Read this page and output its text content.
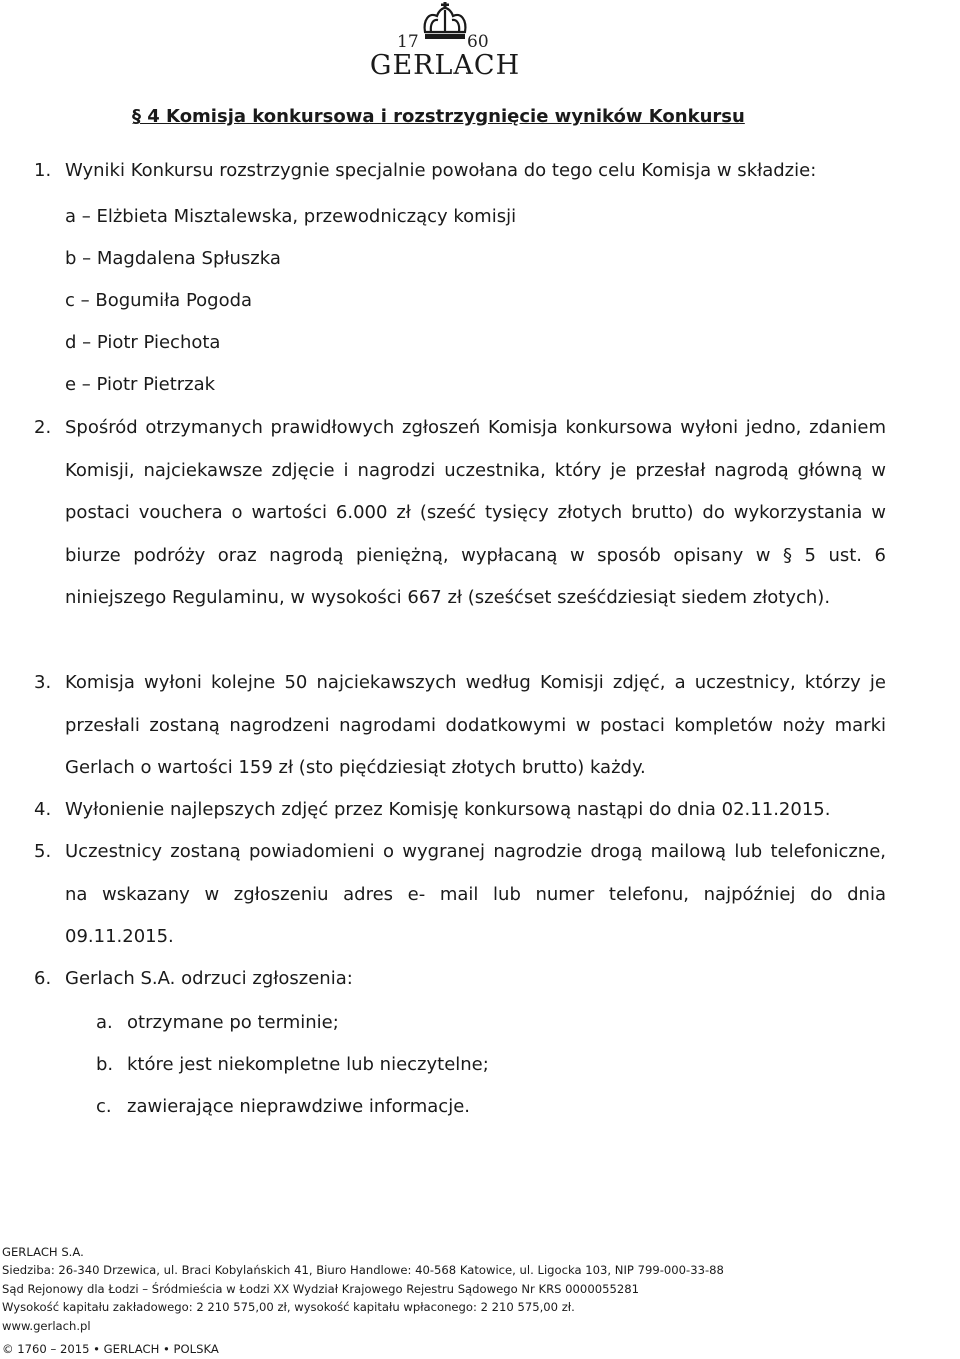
17	60
GERLACH
§ 4 Komisja konkursowa i rozstrzygnięcie wyników Konkursu
1. Wyniki Konkursu rozstrzygnie specjalnie powołana do tego celu Komisja w składzie:
a – Elżbieta Misztalewska, przewodniczący komisji
b – Magdalena Spłuszka
c – Bogumiła Pogoda
d – Piotr Piechota
e – Piotr Pietrzak
2. Spośród otrzymanych prawidłowych zgłoszeń Komisja konkursowa wyłoni jedno, zdaniem Komisji, najciekawsze zdjęcie i nagrodzi uczestnika, który je przesłał nagrodą główną w postaci vouchera o wartości 6.000 zł (sześć tysięcy złotych brutto) do wykorzystania w biurze podróży oraz nagrodą pieniężną, wypłacaną w sposób opisany w § 5 ust. 6 niniejszego Regulaminu, w wysokości 667 zł (sześćset sześćdziesiąt siedem złotych).
3. Komisja wyłoni kolejne 50 najciekawszych według Komisji zdjęć, a uczestnicy, którzy je przesłali zostaną nagrodzeni nagrodami dodatkowymi w postaci kompletów noży marki Gerlach o wartości 159 zł (sto pięćdziesiąt złotych brutto) każdy.
4. Wyłonienie najlepszych zdjęć przez Komisję konkursową nastąpi do dnia 02.11.2015.
5. Uczestnicy zostaną powiadomieni o wygranej nagrodzie drogą mailową lub telefoniczne, na wskazany w zgłoszeniu adres e- mail lub numer telefonu, najpóźniej do dnia 09.11.2015.
6. Gerlach S.A. odrzuci zgłoszenia:
a. otrzymane po terminie;
b. które jest niekompletne lub nieczytelne;
c. zawierające nieprawdziwe informacje.
GERLACH S.A.
Siedziba: 26-340 Drzewica, ul. Braci Kobylańskich 41, Biuro Handlowe: 40-568 Katowice, ul. Ligocka 103, NIP 799-000-33-88
Sąd Rejonowy dla Łodzi – Śródmieścia w Łodzi XX Wydział Krajowego Rejestru Sądowego Nr KRS 0000055281
Wysokość kapitału zakładowego: 2 210 575,00 zł, wysokość kapitału wpłaconego: 2 210 575,00 zł.
www.gerlach.pl
© 1760 – 2015 • GERLACH • POLSKA
